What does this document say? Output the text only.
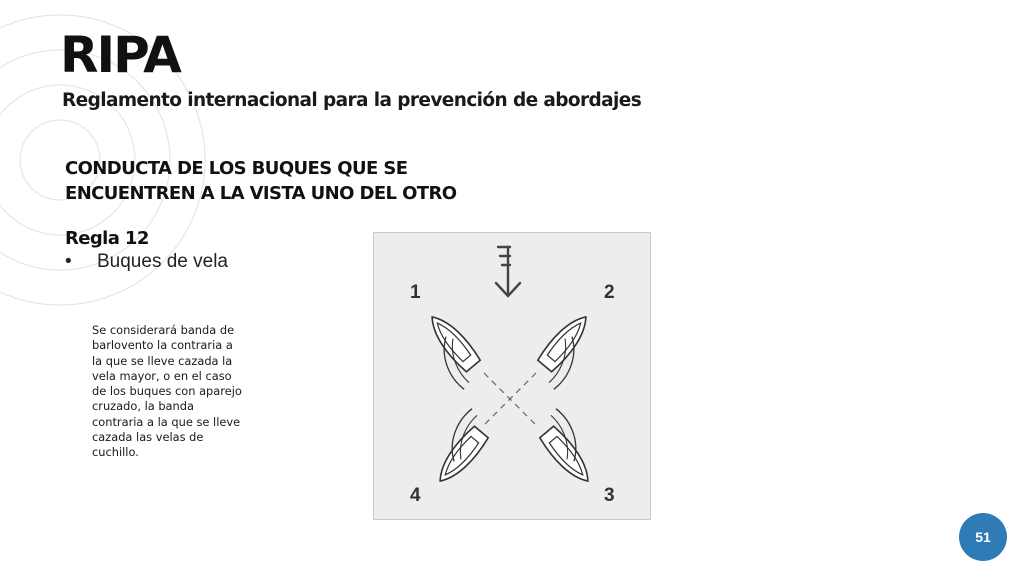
RIPA
Reglamento internacional para la prevención de abordajes
CONDUCTA DE LOS BUQUES QUE SE
ENCUENTREN A LA VISTA UNO DEL OTRO
Regla 12

• Buques de vela

Se considerará banda de barlovento la contraria a la que se lleve cazada la vela mayor, o en el caso de los buques con aparejo cruzado, la banda contraria a la que se lleve cazada las velas de cuchillo.

1	2
3
4
51
